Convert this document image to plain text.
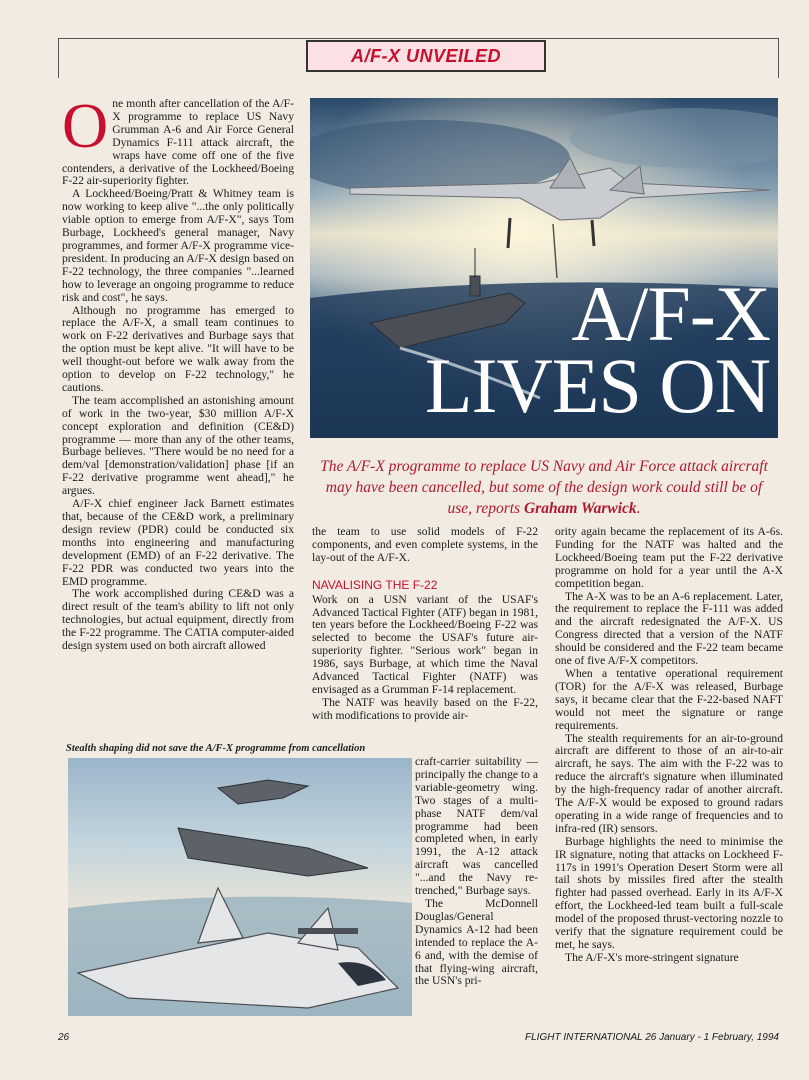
A/F-X UNVEILED

One month after cancellation of the A/F-X programme to replace US Navy Grumman A-6 and Air Force General Dynamics F-111 attack aircraft, the wraps have come off one of the five contenders, a derivative of the Lockheed/Boeing F-22 air-superiority fighter.

A Lockheed/Boeing/Pratt & Whitney team is now working to keep alive "...the only politically viable option to emerge from A/F-X", says Tom Burbage, Lockheed's general manager, Navy programmes, and former A/F-X programme vice-president. In producing an A/F-X design based on F-22 technology, the three companies "...learned how to leverage an ongoing programme to reduce risk and cost", he says.

Although no programme has emerged to replace the A/F-X, a small team continues to work on F-22 derivatives and Burbage says that the option must be kept alive. "It will have to be well thought-out before we walk away from the option to develop on F-22 technology," he cautions.

The team accomplished an astonishing amount of work in the two-year, $30 million A/F-X concept exploration and definition (CE&D) programme — more than any of the other teams, Burbage believes. "There would be no need for a dem/val [demonstration/validation] phase [if an F-22 derivative programme went ahead]," he argues.

A/F-X chief engineer Jack Barnett estimates that, because of the CE&D work, a preliminary design review (PDR) could be conducted six months into engineering and manufacturing development (EMD) of an F-22 derivative. The F-22 PDR was conducted two years into the EMD programme.

The work accomplished during CE&D was a direct result of the team's ability to lift not only technologies, but actual equipment, directly from the F-22 programme. The CATIA computer-aided design system used on both aircraft allowed

A/F-X
LIVES ON
The A/F-X programme to replace US Navy and Air Force attack aircraft may have been cancelled, but some of the design work could still be of use, reports Graham Warwick.

the team to use solid models of F-22 components, and even complete systems, in the lay-out of the A/F-X.

NAVALISING THE F-22

Work on a USN variant of the USAF's Advanced Tactical Fighter (ATF) began in 1981, ten years before the Lockheed/Boeing F-22 was selected to become the USAF's future air-superiority fighter. "Serious work" began in 1986, says Burbage, at which time the Naval Advanced Tactical Fighter (NATF) was envisaged as a Grumman F-14 replacement.

The NATF was heavily based on the F-22, with modifications to provide air-

ority again became the replacement of its A-6s. Funding for the NATF was halted and the Lockheed/Boeing team put the F-22 derivative programme on hold for a year until the A-X competition began.

The A-X was to be an A-6 replacement. Later, the requirement to replace the F-111 was added and the aircraft redesignated the A/F-X. US Congress directed that a version of the NATF should be considered and the F-22 team became one of five A/F-X competitors.

When a tentative operational requirement (TOR) for the A/F-X was released, Burbage says, it became clear that the F-22-based NAFT would not meet the signature or range requirements.

The stealth requirements for an air-to-ground aircraft are different to those of an air-to-air aircraft, he says. The aim with the F-22 was to reduce the aircraft's signature when illuminated by the high-frequency radar of another aircraft. The A/F-X would be exposed to ground radars operating in a wide range of frequencies and to infra-red (IR) sensors.

Burbage highlights the need to minimise the IR signature, noting that attacks on Lockheed F-117s in 1991's Operation Desert Storm were all tail shots by missiles fired after the stealth fighter had passed overhead. Early in its A/F-X effort, the Lockheed-led team built a full-scale model of the proposed thrust-vectoring nozzle to verify that the signature requirement could be met, he says.

The A/F-X's more-stringent signature

Stealth shaping did not save the A/F-X programme from cancellation

craft-carrier suitability — principally the change to a variable-geometry wing. Two stages of a multi-phase NATF dem/val programme had been completed when, in early 1991, the A-12 attack aircraft was cancelled "...and the Navy re-trenched," Burbage says.

The McDonnell Douglas/General Dynamics A-12 had been intended to replace the A-6 and, with the demise of that flying-wing aircraft, the USN's pri-

26	FLIGHT INTERNATIONAL 26 January - 1 February, 1994
